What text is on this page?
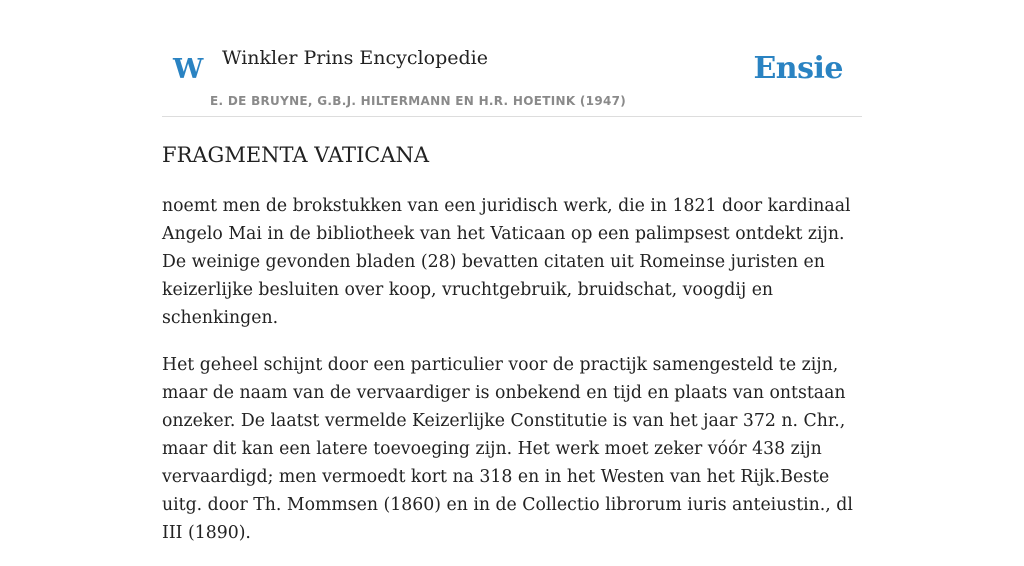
W Winkler Prins Encyclopedie
E. DE BRUYNE, G.B.J. HILTERMANN EN H.R. HOETINK (1947)
Ensie
FRAGMENTA VATICANA

noemt men de brokstukken van een juridisch werk, die in 1821 door kardinaal Angelo Mai in de bibliotheek van het Vaticaan op een palimpsest ontdekt zijn. De weinige gevonden bladen (28) bevatten citaten uit Romeinse juristen en keizerlijke besluiten over koop, vruchtgebruik, bruidschat, voogdij en schenkingen.

Het geheel schijnt door een particulier voor de practijk samengesteld te zijn, maar de naam van de vervaardiger is onbekend en tijd en plaats van ontstaan onzeker. De laatst vermelde Keizerlijke Constitutie is van het jaar 372 n. Chr., maar dit kan een latere toevoeging zijn. Het werk moet zeker vóór 438 zijn vervaardigd; men vermoedt kort na 318 en in het Westen van het Rijk.Beste uitg. door Th. Mommsen (1860) en in de Collectio librorum iuris anteiustin., dl III (1890).
